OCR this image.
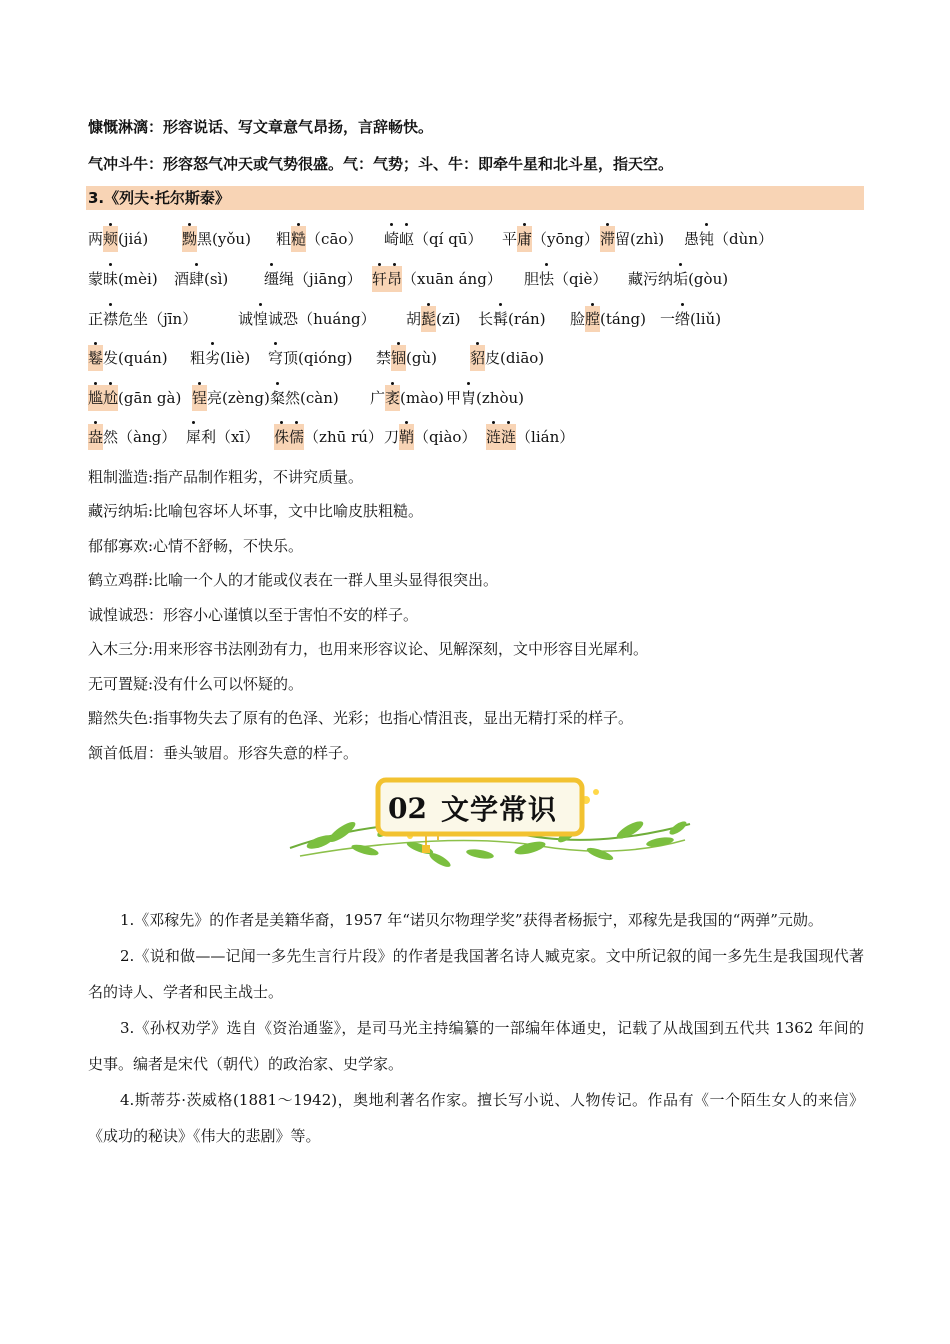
慷慨淋漓：形容说话、写文章意气昂扬，言辞畅快。
气冲斗牛：形容怒气冲天或气势很盛。气：气势；斗、牛：即牵牛星和北斗星，指天空。
3.《列夫·托尔斯泰》
两颊(jiá) 黝黑(yǒu) 粗糙（cāo） 崎岖（qí qū） 平庸（yōng） 滞留(zhì) 愚钝（dùn）
蒙昧(mèi) 酒肆(sì) 缰绳（jiāng） 轩昂（xuān áng） 胆怯（qiè） 藏污纳垢(gòu)
正襟危坐（jīn）	诚惶诚恐（huáng） 胡髭(zī) 长髯(rán) 脸膛(táng) 一绺(liǔ)
鬈发(quán) 粗劣(liè) 穹顶(qióng) 禁锢(gù) 貂皮(diāo)
尴尬(gān gà) 锃亮(zèng) 粲然(càn) 广袤(mào) 甲胄(zhòu)
盎然（àng） 犀利（xī） 侏儒（zhū rú） 刀鞘（qiào） 涟涟（lián）
粗制滥造:指产品制作粗劣，不讲究质量。
藏污纳垢:比喻包容坏人坏事，文中比喻皮肤粗糙。
郁郁寡欢:心情不舒畅，不快乐。
鹤立鸡群:比喻一个人的才能或仪表在一群人里头显得很突出。
诚惶诚恐：形容小心谨慎以至于害怕不安的样子。
入木三分:用来形容书法刚劲有力，也用来形容议论、见解深刻，文中形容目光犀利。
无可置疑:没有什么可以怀疑的。
黯然失色:指事物失去了原有的色泽、光彩；也指心情沮丧，显出无精打采的样子。
颔首低眉：垂头皱眉。形容失意的样子。
02 文学常识

1.《邓稼先》的作者是美籍华裔，1957 年“诺贝尔物理学奖”获得者杨振宁，邓稼先是我国的“两弹”元勋。

2.《说和做——记闻一多先生言行片段》的作者是我国著名诗人臧克家。文中所记叙的闻一多先生是我国现代著名的诗人、学者和民主战士。

3.《孙权劝学》选自《资治通鉴》，是司马光主持编纂的一部编年体通史，记载了从战国到五代共 1362 年间的史事。编者是宋代（朝代）的政治家、史学家。

4.斯蒂芬·茨威格(1881～1942)，奥地利著名作家。擅长写小说、人物传记。作品有《一个陌生女人的来信》《成功的秘诀》《伟大的悲剧》等。
